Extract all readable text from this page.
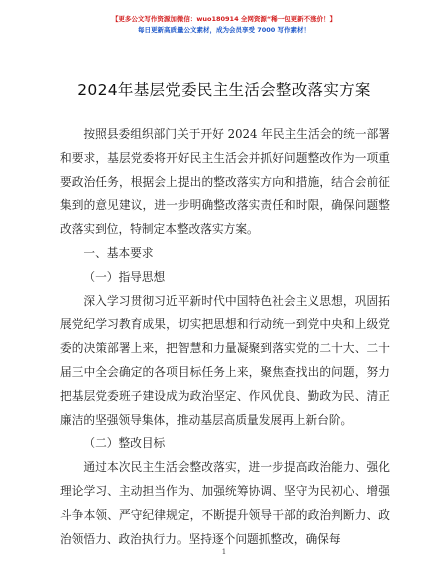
【更多公文写作资源加微信：wuo180914 全网资源“稀一包更新不涨价！】
每日更新高质量公文素材，成为会员享受 7000 写作素材！
2024年基层党委民主生活会整改落实方案

按照县委组织部门关于开好 2024 年民主生活会的统一部署和要求，基层党委将开好民主生活会并抓好问题整改作为一项重要政治任务，根据会上提出的整改落实方向和措施，结合会前征集到的意见建议，进一步明确整改落实责任和时限，确保问题整改落实到位，特制定本整改落实方案。

一、基本要求

（一）指导思想

深入学习贯彻习近平新时代中国特色社会主义思想，巩固拓展党纪学习教育成果，切实把思想和行动统一到党中央和上级党委的决策部署上来，把智慧和力量凝聚到落实党的二十大、二十届三中全会确定的各项目标任务上来，聚焦查找出的问题，努力把基层党委班子建设成为政治坚定、作风优良、勤政为民、清正廉洁的坚强领导集体，推动基层高质量发展再上新台阶。

（二）整改目标

通过本次民主生活会整改落实，进一步提高政治能力、强化理论学习、主动担当作为、加强统筹协调、坚守为民初心、增强斗争本领、严守纪律规定，不断提升领导干部的政治判断力、政治领悟力、政治执行力。坚持逐个问题抓整改，确保每

1
